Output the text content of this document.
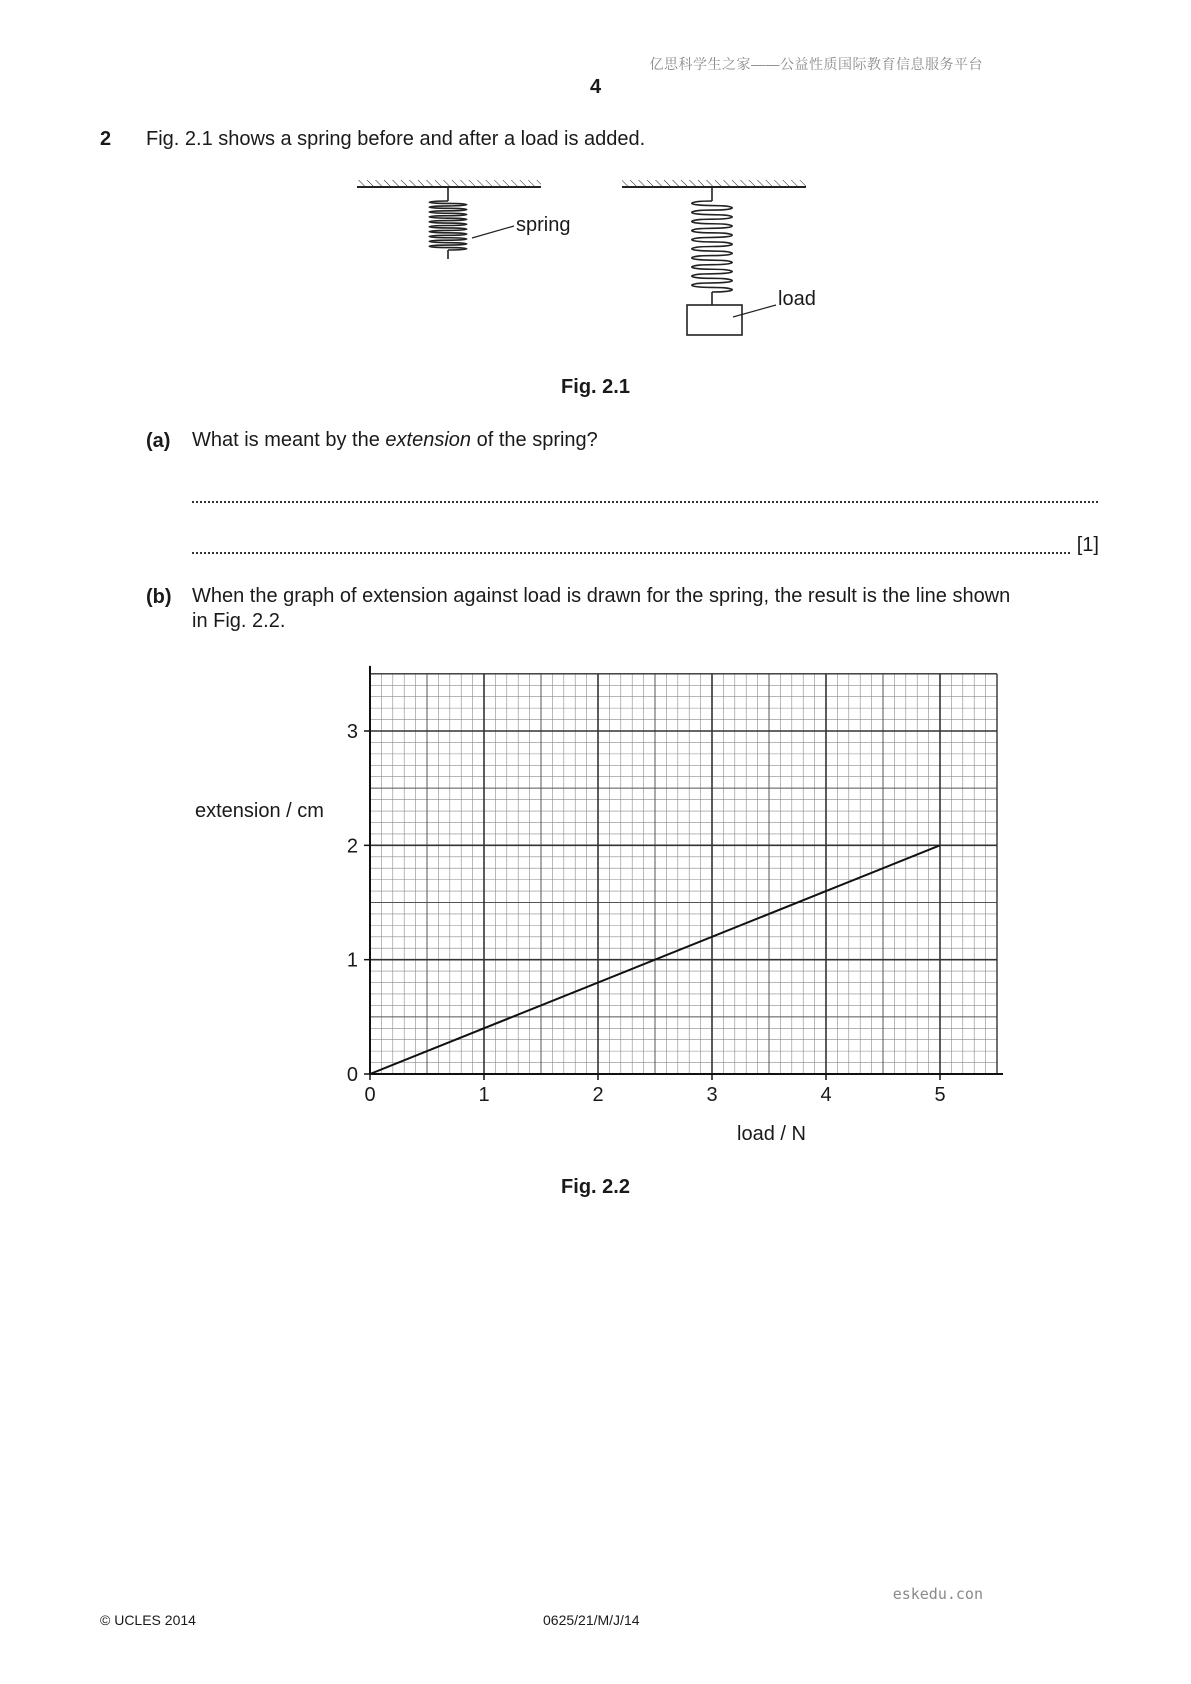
亿思科学生之家——公益性质国际教育信息服务平台
4
2 Fig. 2.1 shows a spring before and after a load is added.
spring
load
Fig. 2.1
(a) What is meant by the extension of the spring?
[1]
(b) When the graph of extension against load is drawn for the spring, the result is the line shown
in Fig. 2.2.
0	1	2	3	4	5
0
1
2
3
extension / cm
load / N
Fig. 2.2
eskedu.con
© UCLES 2014	0625/21/M/J/14
